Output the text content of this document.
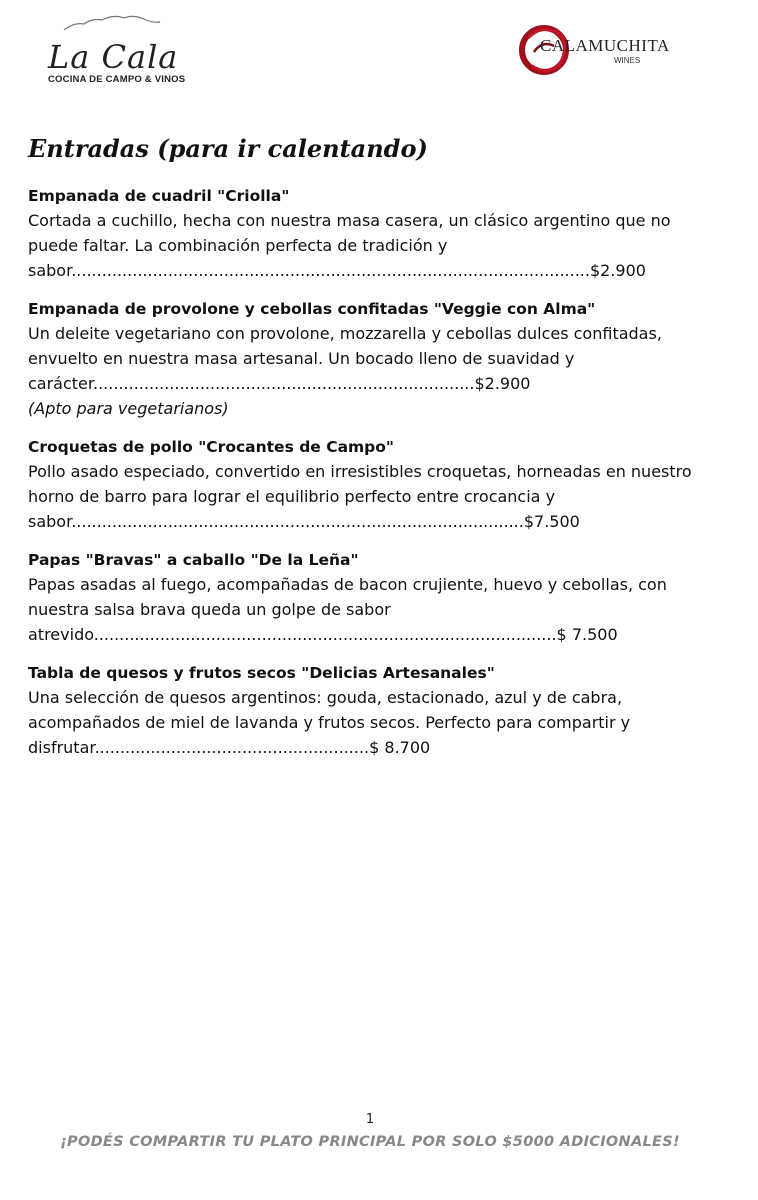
La Cala
COCINA DE CAMPO & VINOS
CALAMUCHITA
WINES
Entradas (para ir calentando)
Empanada de cuadril "Criolla"
Cortada a cuchillo, hecha con nuestra masa casera, un clásico argentino que no puede faltar. La combinación perfecta de tradición y
sabor......................................................................................................$2.900
Empanada de provolone y cebollas confitadas "Veggie con Alma"
Un deleite vegetariano con provolone, mozzarella y cebollas dulces confitadas, envuelto en nuestra masa artesanal. Un bocado lleno de suavidad y
carácter...........................................................................$2.900
(Apto para vegetarianos)
Croquetas de pollo "Crocantes de Campo"
Pollo asado especiado, convertido en irresistibles croquetas, horneadas en nuestro horno de barro para lograr el equilibrio perfecto entre crocancia y
sabor.........................................................................................$7.500
Papas "Bravas" a caballo "De la Leña"
Papas asadas al fuego, acompañadas de bacon crujiente, huevo y cebollas, con nuestra salsa brava queda un golpe de sabor
atrevido...........................................................................................$ 7.500
Tabla de quesos y frutos secos "Delicias Artesanales"
Una selección de quesos argentinos: gouda, estacionado, azul y de cabra, acompañados de miel de lavanda y frutos secos. Perfecto para compartir y
disfrutar......................................................$ 8.700
1
¡PODÉS COMPARTIR TU PLATO PRINCIPAL POR SOLO $5000 ADICIONALES!
